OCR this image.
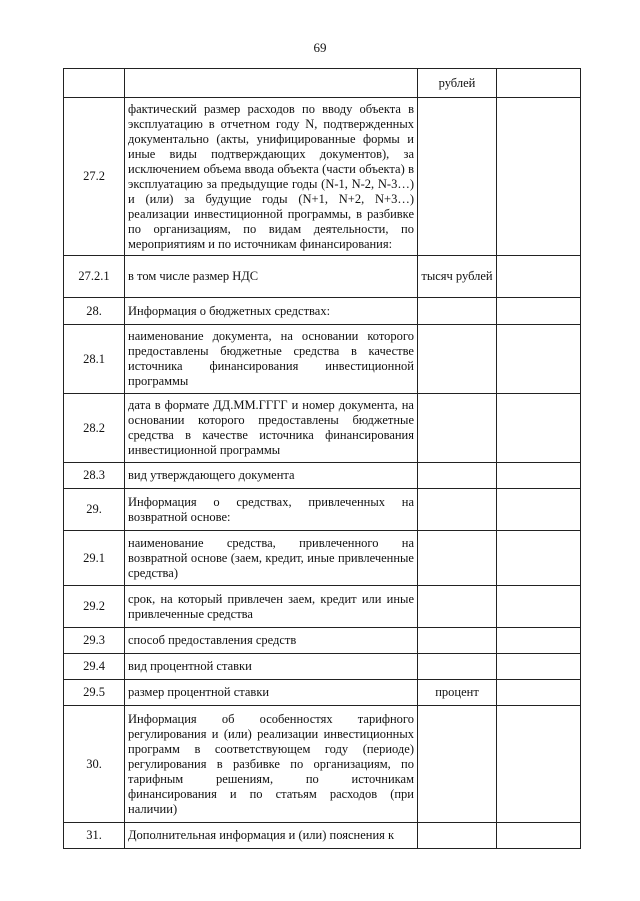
69
		рублей	
27.2	фактический размер расходов по вводу объекта в эксплуатацию в отчетном году N, подтвержденных документально (акты, унифицированные формы и иные виды подтверждающих документов), за исключением объема ввода объекта (части объекта) в эксплуатацию за предыдущие годы (N-1, N-2, N-3…) и (или) за будущие годы (N+1, N+2, N+3…) реализации инвестиционной программы, в разбивке по организациям, по видам деятельности, по мероприятиям и по источникам финансирования:		
27.2.1	в том числе размер НДС	тысяч рублей	
28.	Информация о бюджетных средствах:		
28.1	наименование документа, на основании которого предоставлены бюджетные средства в качестве источника финансирования инвестиционной программы		
28.2	дата в формате ДД.ММ.ГГГГ и номер документа, на основании которого предоставлены бюджетные средства в качестве источника финансирования инвестиционной программы		
28.3	вид утверждающего документа		
29.	Информация о средствах, привлеченных на возвратной основе:		
29.1	наименование средства, привлеченного на возвратной основе (заем, кредит, иные привлеченные средства)		
29.2	срок, на который привлечен заем, кредит или иные привлеченные средства		
29.3	способ предоставления средств		
29.4	вид процентной ставки		
29.5	размер процентной ставки	процент	
30.	Информация об особенностях тарифного регулирования и (или) реализации инвестиционных программ в соответствующем году (периоде) регулирования в разбивке по организациям, по тарифным решениям, по источникам финансирования и по статьям расходов (при наличии)		
31.	Дополнительная информация и (или) пояснения к		
